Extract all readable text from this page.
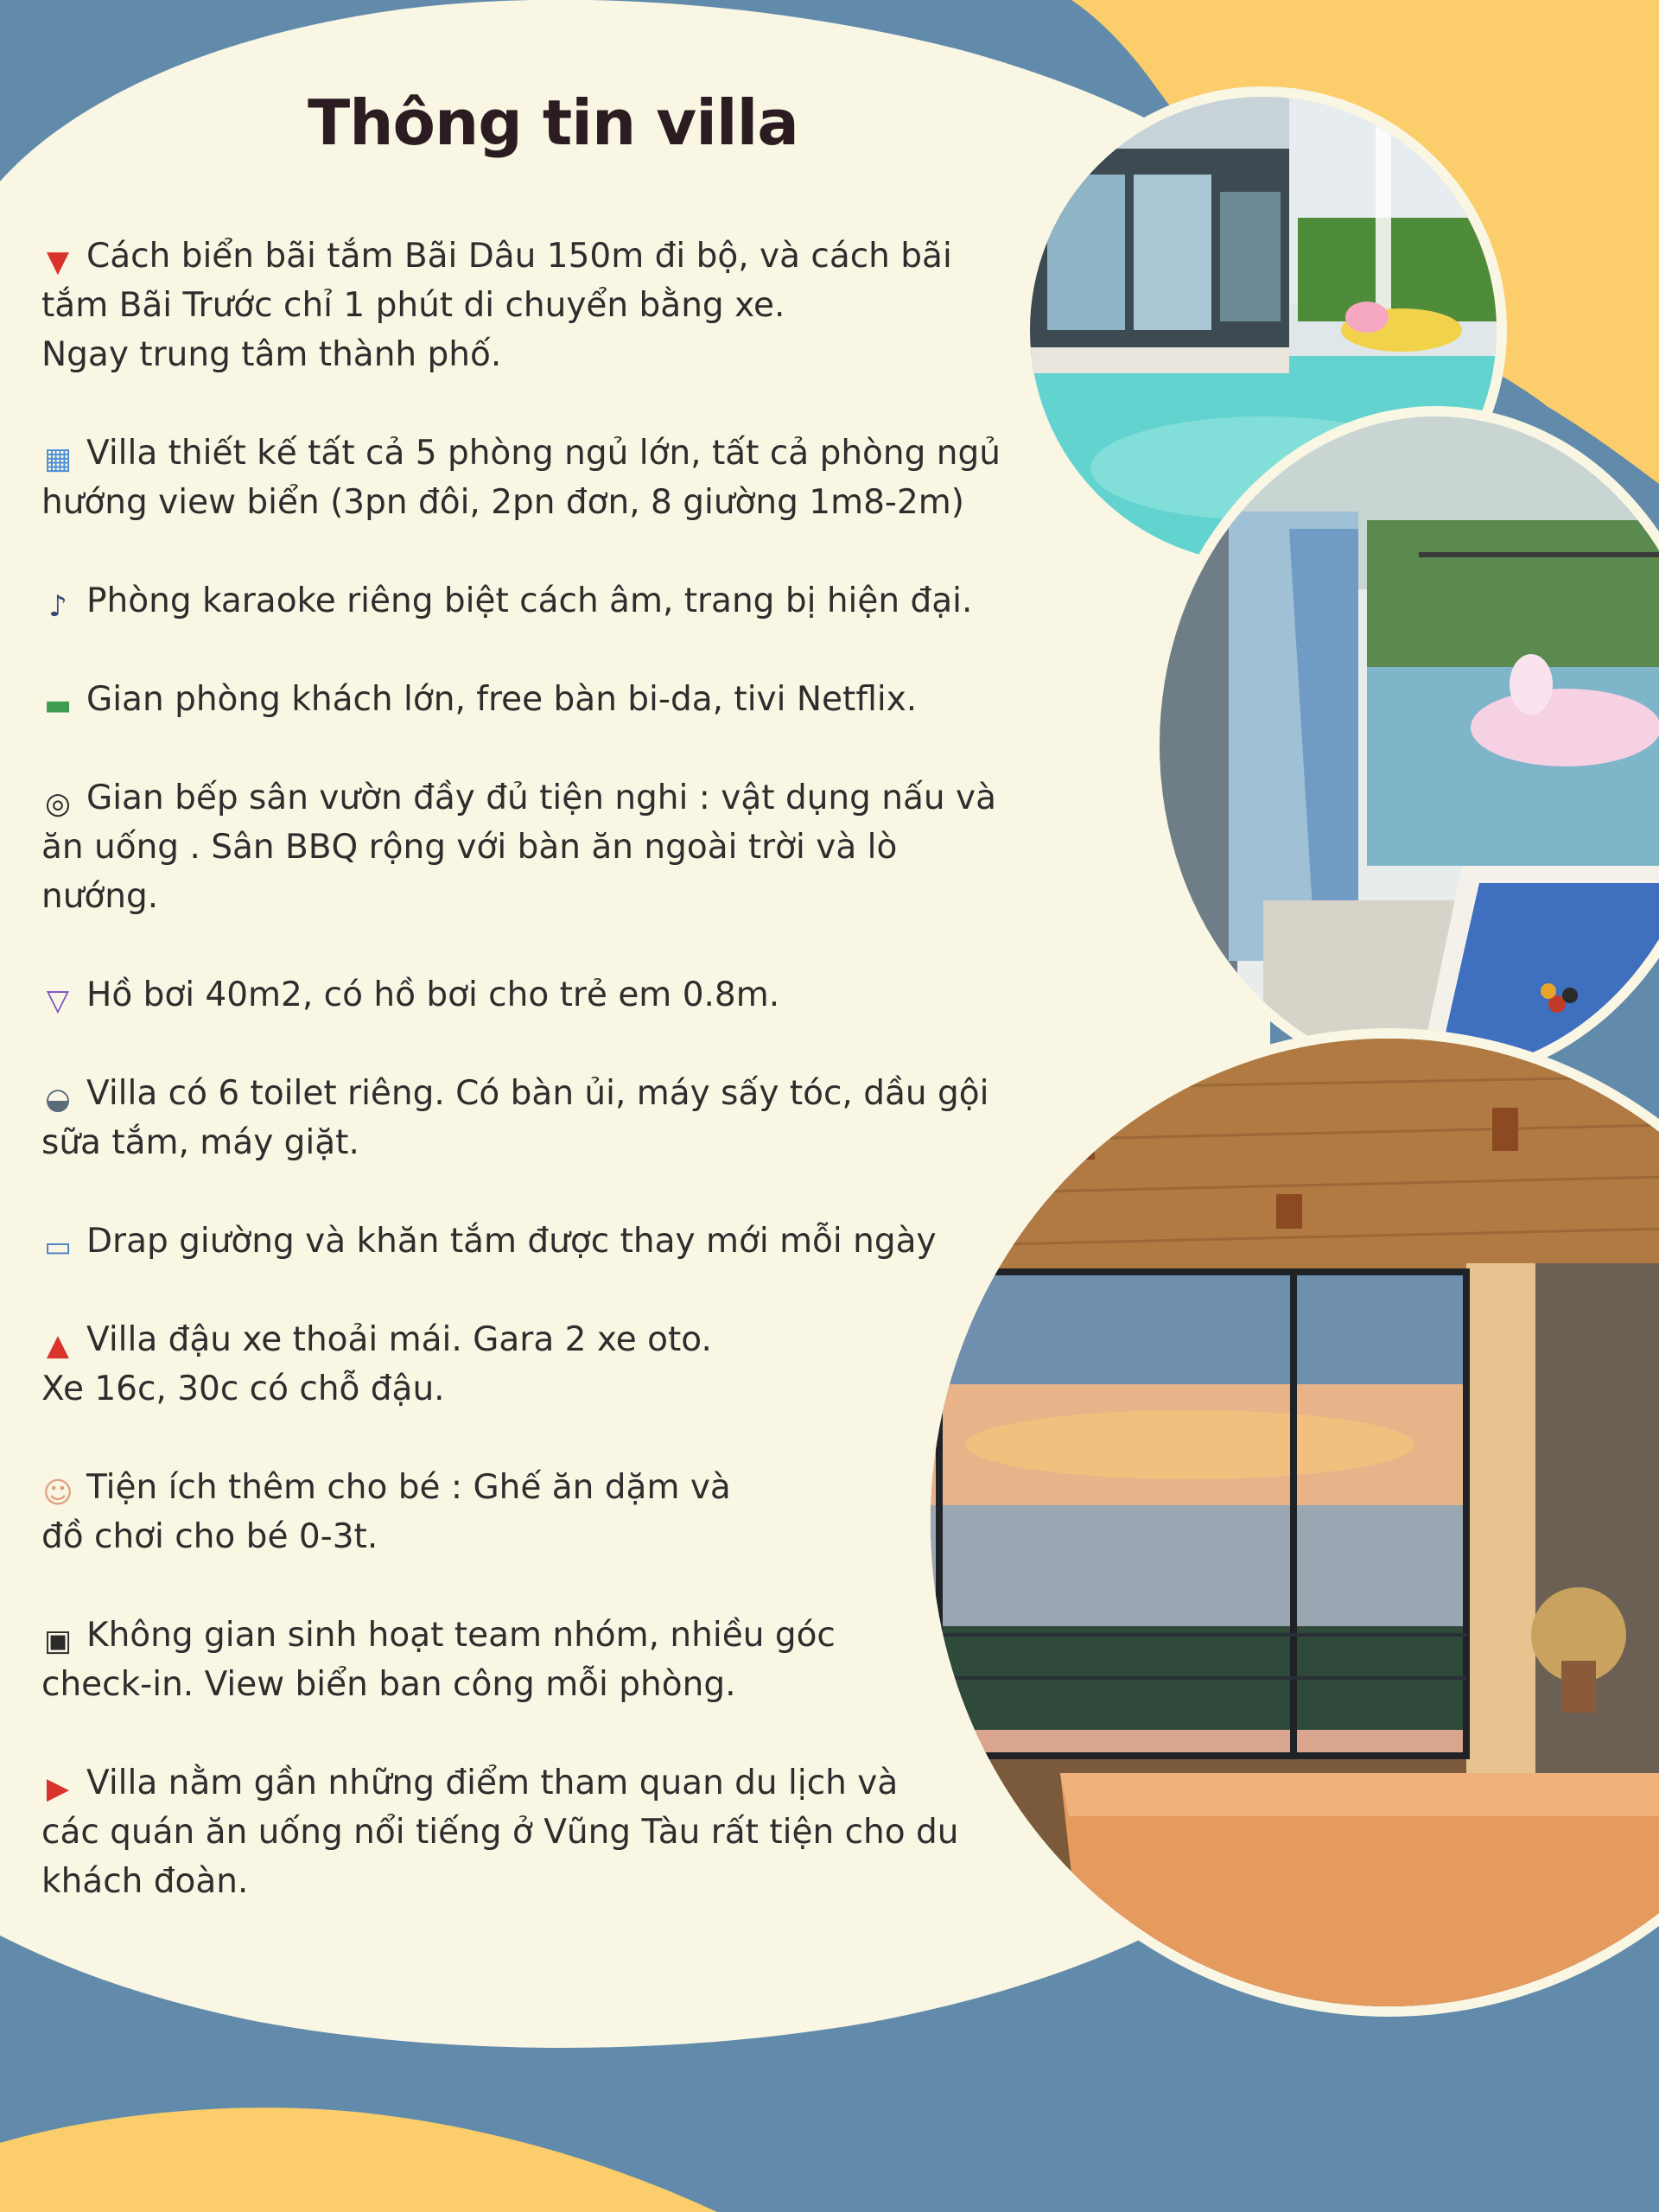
Thông tin villa
▼ Cách biển bãi tắm Bãi Dâu 150m đi bộ, và cách bãi
tắm Bãi Trước chỉ 1 phút di chuyển bằng xe.
Ngay trung tâm thành phố.
▦ Villa thiết kế tất cả 5 phòng ngủ lớn, tất cả phòng ngủ
hướng view biển (3pn đôi, 2pn đơn, 8 giường 1m8-2m)
♪ Phòng karaoke riêng biệt cách âm, trang bị hiện đại.
▬ Gian phòng khách lớn, free bàn bi-da, tivi Netflix.
◎ Gian bếp sân vườn đầy đủ tiện nghi : vật dụng nấu và
ăn uống . Sân BBQ rộng với bàn ăn ngoài trời và lò
nướng.
▽ Hồ bơi 40m2, có hồ bơi cho trẻ em 0.8m.
◒ Villa có 6 toilet riêng. Có bàn ủi, máy sấy tóc, dầu gội
sữa tắm, máy giặt.
▭ Drap giường và khăn tắm được thay mới mỗi ngày
▲ Villa đậu xe thoải mái. Gara 2 xe oto.
Xe 16c, 30c có chỗ đậu.
☺ Tiện ích thêm cho bé : Ghế ăn dặm và
đồ chơi cho bé 0-3t.
▣ Không gian sinh hoạt team nhóm, nhiều góc
check-in. View biển ban công mỗi phòng.
▶ Villa nằm gần những điểm tham quan du lịch và
các quán ăn uống nổi tiếng ở Vũng Tàu rất tiện cho du
khách đoàn.
